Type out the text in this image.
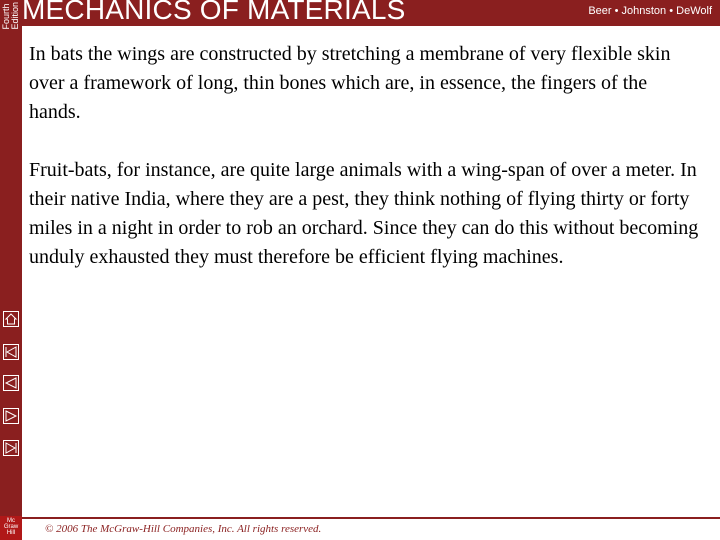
MECHANICS OF MATERIALS	Beer • Johnston • DeWolf
Fourth Edition
Mc
Graw
Hill

In bats the wings are constructed by stretching a membrane of very flexible skin over a framework of long, thin bones which are, in essence, the fingers of the hands.

Fruit-bats, for instance, are quite large animals with a wing-span of over a meter. In their native India, where they are a pest, they think nothing of flying thirty or forty miles in a night in order to rob an orchard. Since they can do this without becoming unduly exhausted they must therefore be efficient flying machines.

© 2006 The McGraw-Hill Companies, Inc. All rights reserved.
